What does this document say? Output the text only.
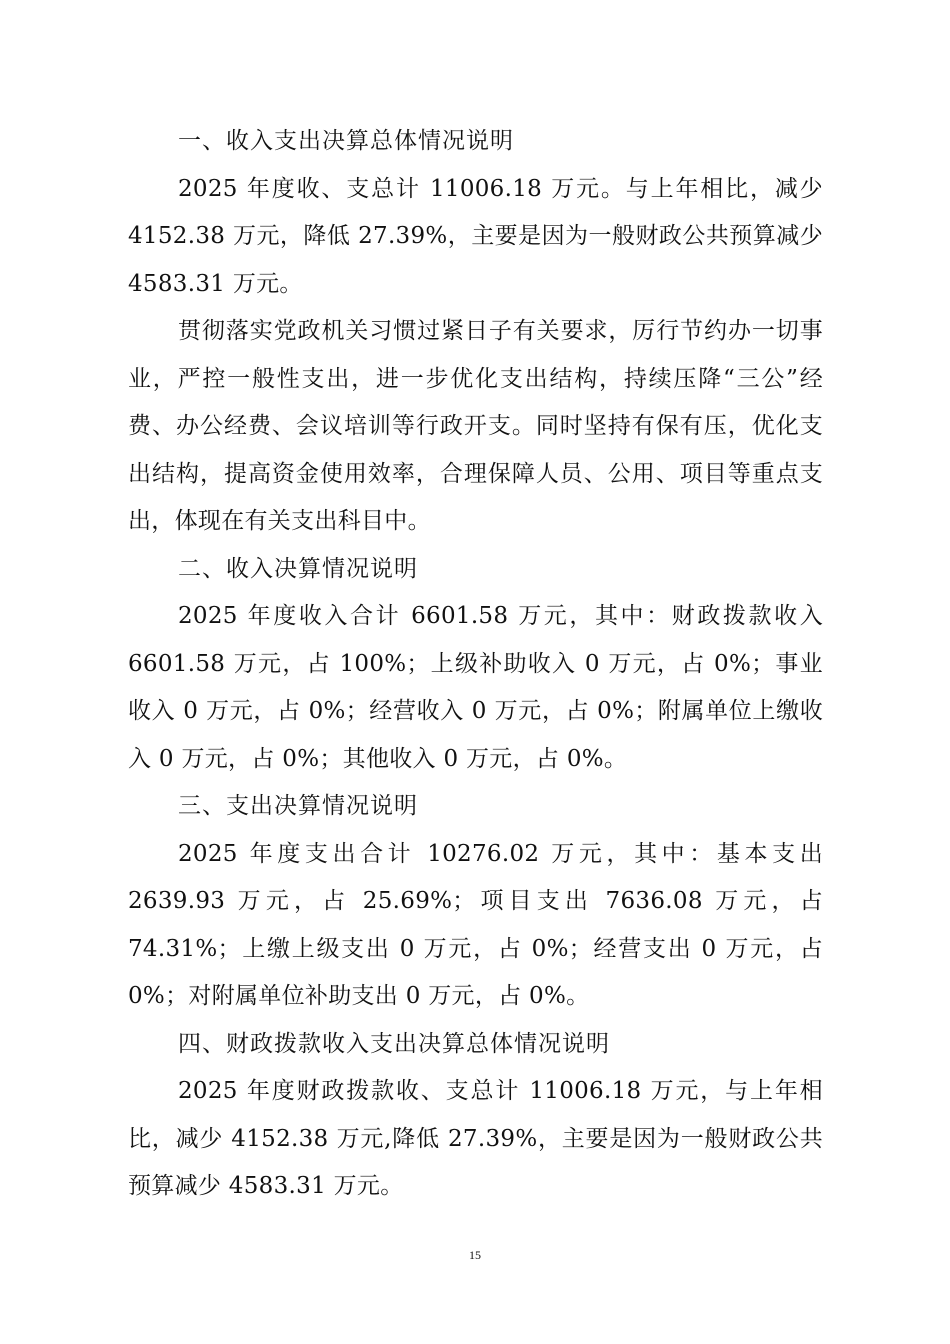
一、收入支出决算总体情况说明

2025 年度收、支总计 11006.18 万元。与上年相比，减少 4152.38 万元，降低 27.39%，主要是因为一般财政公共预算减少 4583.31 万元。

贯彻落实党政机关习惯过紧日子有关要求，厉行节约办一切事业，严控一般性支出，进一步优化支出结构，持续压降“三公”经费、办公经费、会议培训等行政开支。同时坚持有保有压，优化支出结构，提高资金使用效率，合理保障人员、公用、项目等重点支出，体现在有关支出科目中。

二、收入决算情况说明

2025 年度收入合计 6601.58 万元，其中：财政拨款收入 6601.58 万元，占 100%；上级补助收入 0 万元，占 0%；事业收入 0 万元，占 0%；经营收入 0 万元，占 0%；附属单位上缴收入 0 万元，占 0%；其他收入 0 万元，占 0%。

三、支出决算情况说明

2025 年度支出合计 10276.02 万元，其中：基本支出 2639.93 万元，占 25.69%；项目支出 7636.08 万元，占 74.31%；上缴上级支出 0 万元，占 0%；经营支出 0 万元，占 0%；对附属单位补助支出 0 万元，占 0%。

四、财政拨款收入支出决算总体情况说明

2025 年度财政拨款收、支总计 11006.18 万元，与上年相比，减少 4152.38 万元,降低 27.39%，主要是因为一般财政公共预算减少 4583.31 万元。

15
